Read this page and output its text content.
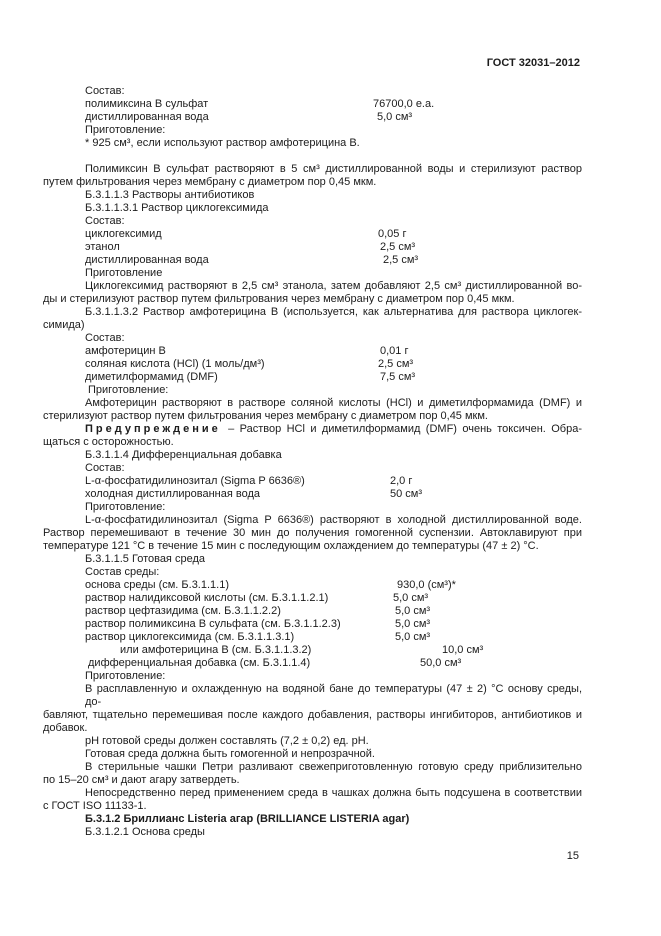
ГОСТ 32031–2012
Состав:
полимиксина В сульфат	76700,0 е.а.
дистиллированная вода	5,0 см³
Приготовление:
* 925 см³, если используют раствор амфотерицина В.
Полимиксин В сульфат растворяют в 5 см³ дистиллированной воды и стерилизуют раствор
путем фильтрования через мембрану с диаметром пор 0,45 мкм.
Б.3.1.1.3 Растворы антибиотиков
Б.3.1.1.3.1 Раствор циклогексимида
Состав:
циклогексимид	0,05 г
этанол	2,5 см³
дистиллированная вода	2,5 см³
Приготовление
Циклогексимид растворяют в 2,5 см³ этанола, затем добавляют 2,5 см³ дистиллированной во-
ды и стерилизуют раствор путем фильтрования через мембрану с диаметром пор 0,45 мкм.
Б.3.1.1.3.2 Раствор амфотерицина В (используется, как альтернатива для раствора циклогек-
симида)
Состав:
амфотерицин В	0,01 г
соляная кислота (HCl) (1 моль/дм³)	2,5 см³
диметилформамид (DMF)	7,5 см³
Приготовление:
Амфотерицин растворяют в растворе соляной кислоты (HCl) и диметилформамида (DMF) и
стерилизуют раствор путем фильтрования через мембрану с диаметром пор 0,45 мкм.
Предупреждение – Раствор HCl и диметилформамид (DMF) очень токсичен. Обра-
щаться с осторожностью.
Б.3.1.1.4 Дифференциальная добавка
Состав:
L-α-фосфатидилинозитал (Sigma P 6636®)	2,0 г
холодная дистиллированная вода	50 см³
Приготовление:
L-α-фосфатидилинозитал (Sigma P 6636®) растворяют в холодной дистиллированной воде.
Раствор перемешивают в течение 30 мин до получения гомогенной суспензии. Автоклавируют при
температуре 121 °С в течение 15 мин с последующим охлаждением до температуры (47 ± 2) °С.
Б.3.1.1.5 Готовая среда
Состав среды:
основа среды (см. Б.3.1.1.1)	930,0 (см³)*
раствор налидиксовой кислоты (см. Б.3.1.1.2.1)	5,0 см³
раствор цефтазидима (см. Б.3.1.1.2.2)	5,0 см³
раствор полимиксина В сульфата (см. Б.3.1.1.2.3)	5,0 см³
раствор циклогексимида (см. Б.3.1.1.3.1)	5,0 см³
или амфотерицина В (см. Б.3.1.1.3.2)	10,0 см³
дифференциальная добавка (см. Б.3.1.1.4)	50,0 см³
Приготовление:
В расплавленную и охлажденную на водяной бане до температуры (47 ± 2) °С основу среды, до-
бавляют, тщательно перемешивая после каждого добавления, растворы ингибиторов, антибиотиков и
добавок.
рН готовой среды должен составлять (7,2 ± 0,2) ед. рН.
Готовая среда должна быть гомогенной и непрозрачной.
В стерильные чашки Петри разливают свежеприготовленную готовую среду приблизительно
по 15–20 см³ и дают агару затвердеть.
Непосредственно перед применением среда в чашках должна быть подсушена в соответствии
с ГОСТ ISO 11133-1.
Б.3.1.2 Бриллианс Listeria агар (BRILLIANCE LISTERIA agar)
Б.3.1.2.1 Основа среды
15
